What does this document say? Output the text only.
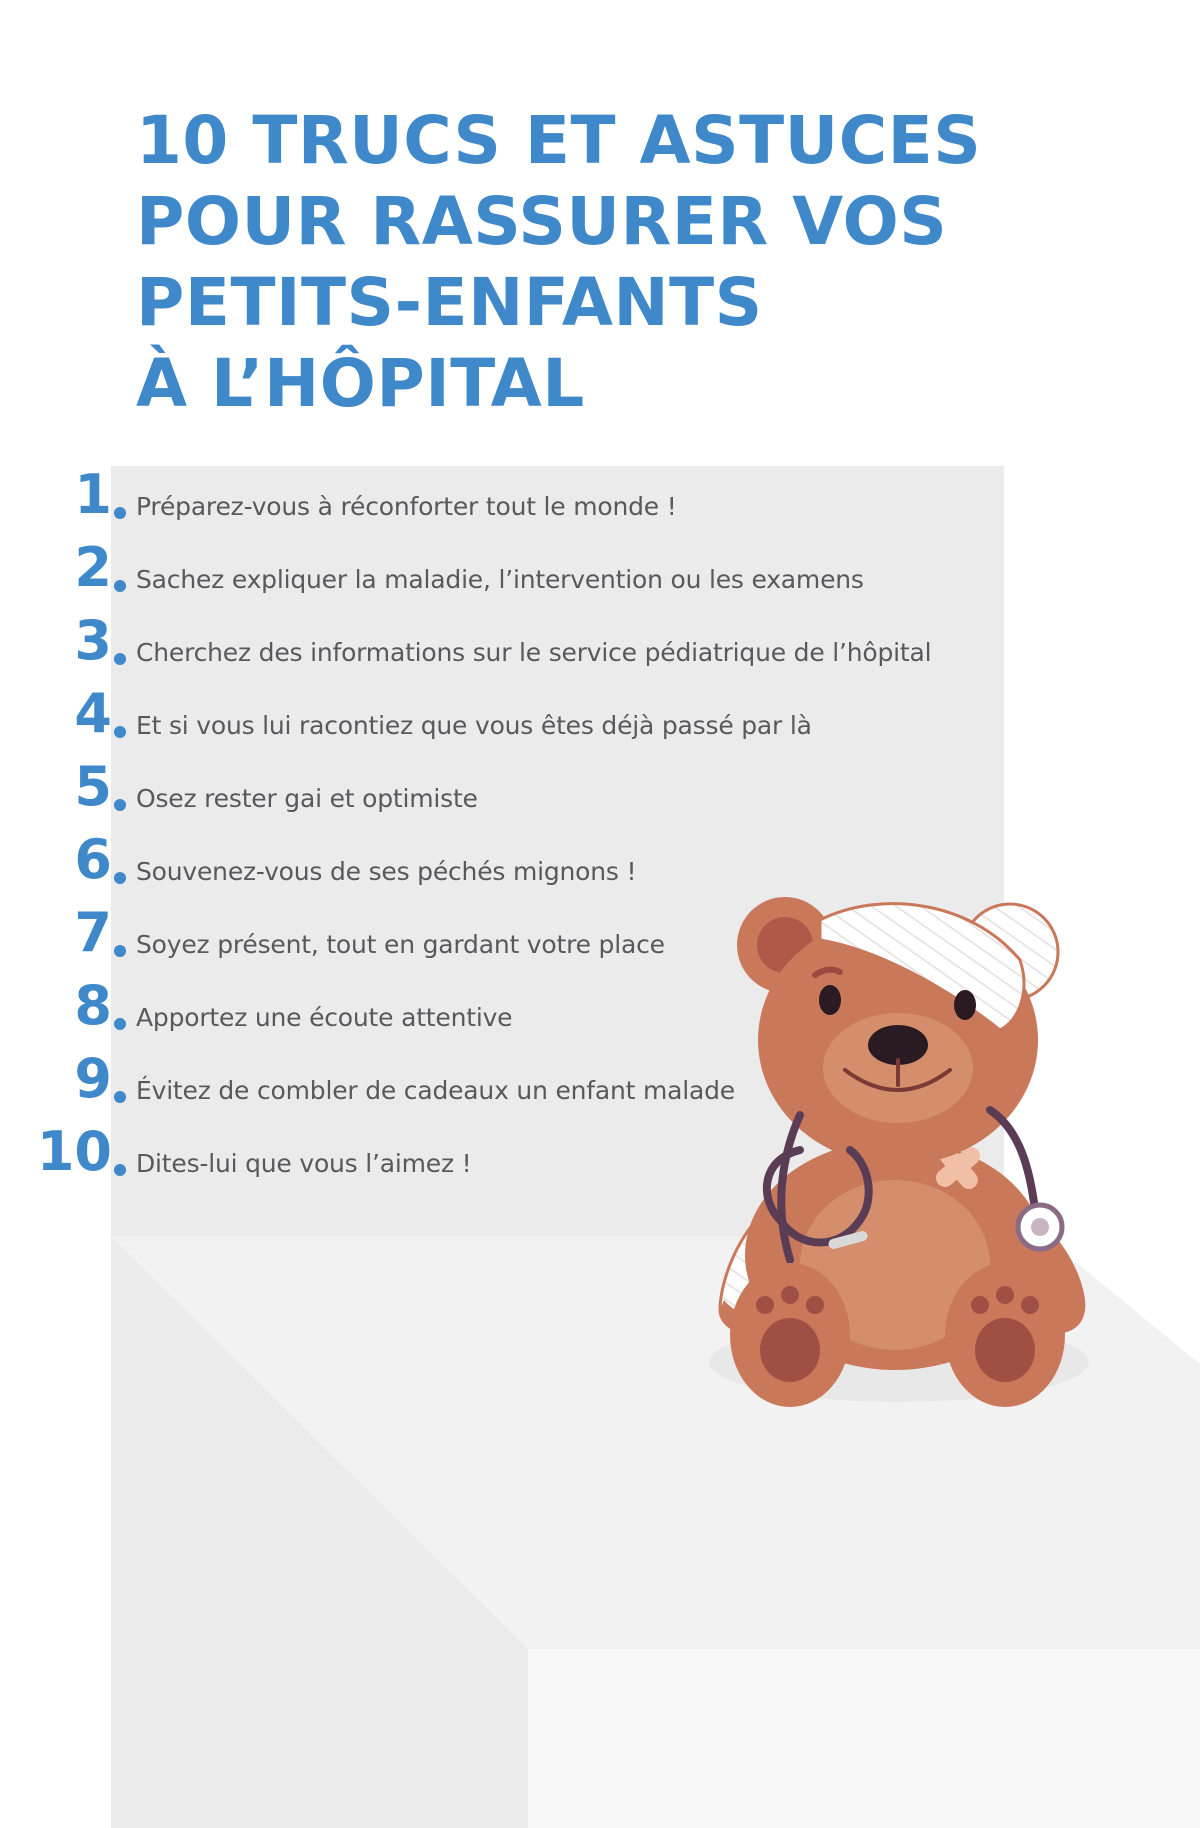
10 TRUCS ET ASTUCES
POUR RASSURER VOS
PETITS-ENFANTS
À L’HÔPITAL
1 Préparez-vous à réconforter tout le monde !
2 Sachez expliquer la maladie, l’intervention ou les examens
3 Cherchez des informations sur le service pédiatrique de l’hôpital
4 Et si vous lui racontiez que vous êtes déjà passé par là
5 Osez rester gai et optimiste
6 Souvenez-vous de ses péchés mignons !
7 Soyez présent, tout en gardant votre place
8 Apportez une écoute attentive
9 Évitez de combler de cadeaux un enfant malade
10 Dites-lui que vous l’aimez !
